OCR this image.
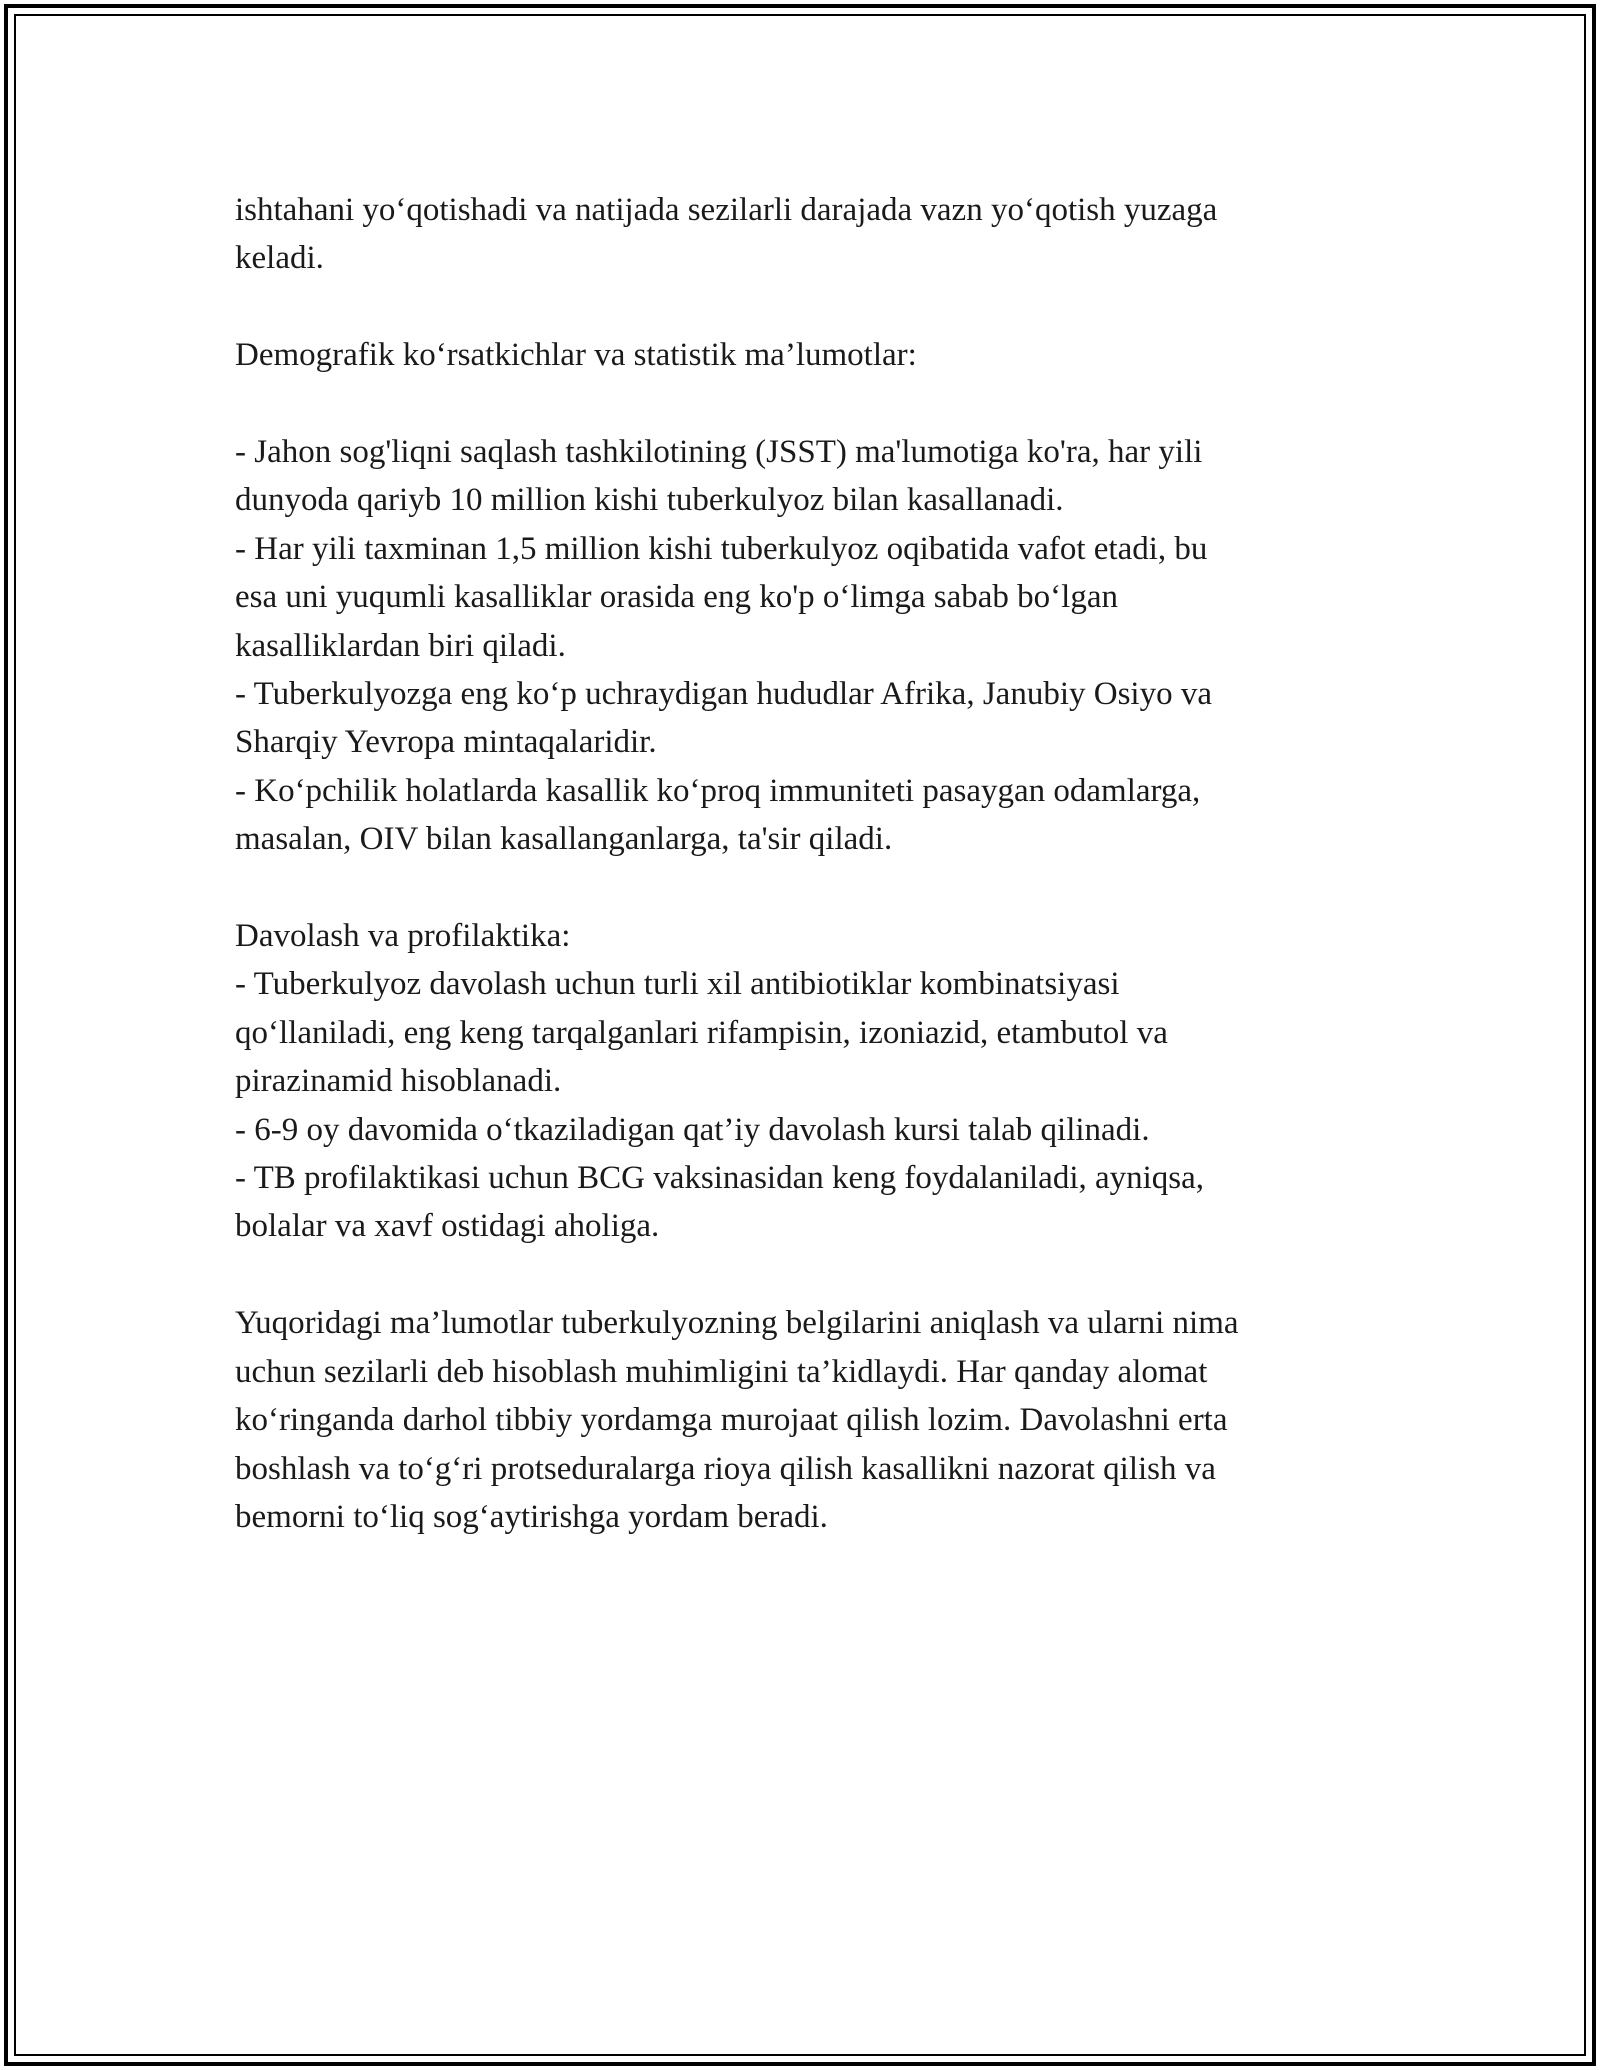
ishtahani yo‘qotishadi va natijada sezilarli darajada vazn yo‘qotish yuzaga
keladi.
Demografik ko‘rsatkichlar va statistik ma’lumotlar:
- Jahon sog'liqni saqlash tashkilotining (JSST) ma'lumotiga ko'ra, har yili
dunyoda qariyb 10 million kishi tuberkulyoz bilan kasallanadi.
- Har yili taxminan 1,5 million kishi tuberkulyoz oqibatida vafot etadi, bu
esa uni yuqumli kasalliklar orasida eng ko'p o‘limga sabab bo‘lgan
kasalliklardan biri qiladi.
- Tuberkulyozga eng ko‘p uchraydigan hududlar Afrika, Janubiy Osiyo va
Sharqiy Yevropa mintaqalaridir.
- Ko‘pchilik holatlarda kasallik ko‘proq immuniteti pasaygan odamlarga,
masalan, OIV bilan kasallanganlarga, ta'sir qiladi.
Davolash va profilaktika:
- Tuberkulyoz davolash uchun turli xil antibiotiklar kombinatsiyasi
qo‘llaniladi, eng keng tarqalganlari rifampisin, izoniazid, etambutol va
pirazinamid hisoblanadi.
- 6-9 oy davomida o‘tkaziladigan qat’iy davolash kursi talab qilinadi.
- TB profilaktikasi uchun BCG vaksinasidan keng foydalaniladi, ayniqsa,
bolalar va xavf ostidagi aholiga.
Yuqoridagi ma’lumotlar tuberkulyozning belgilarini aniqlash va ularni nima
uchun sezilarli deb hisoblash muhimligini ta’kidlaydi. Har qanday alomat
ko‘ringanda darhol tibbiy yordamga murojaat qilish lozim. Davolashni erta
boshlash va to‘g‘ri protseduralarga rioya qilish kasallikni nazorat qilish va
bemorni to‘liq sog‘aytirishga yordam beradi.
